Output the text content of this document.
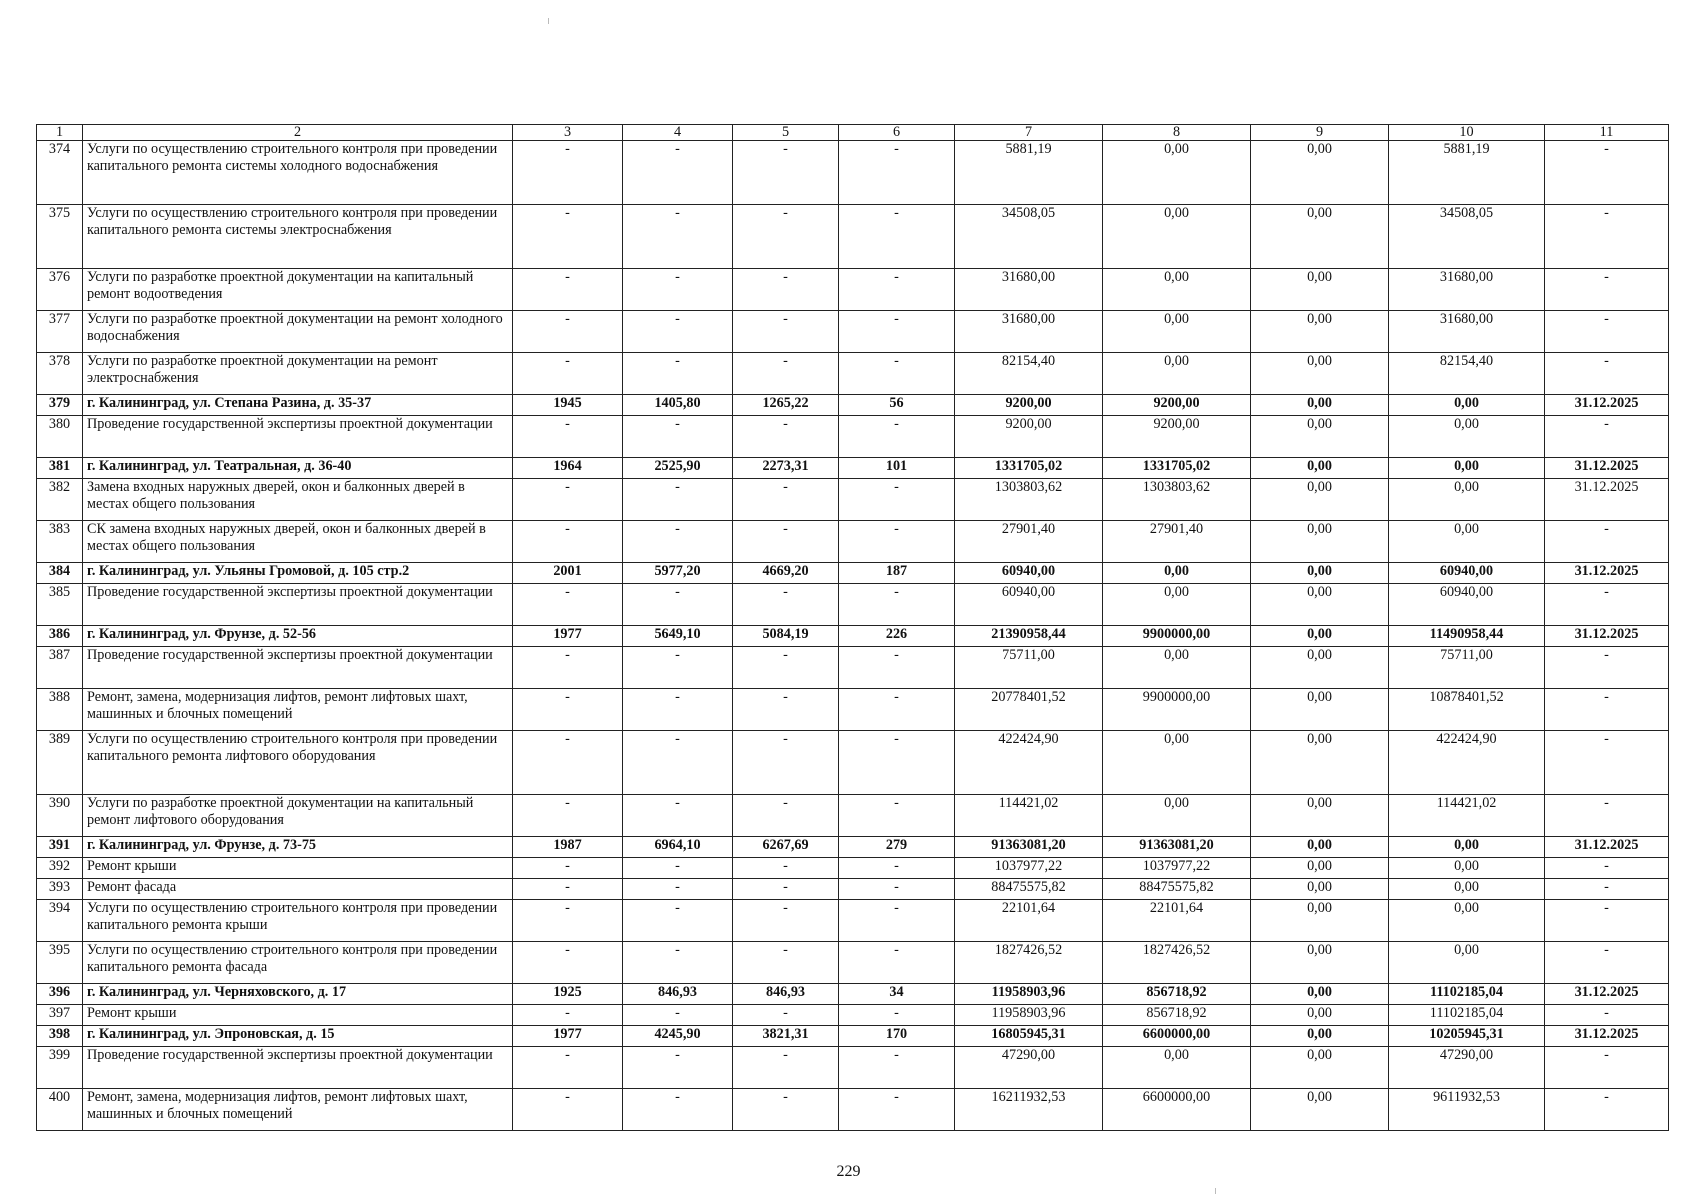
1	2	3	4	5	6	7	8	9	10	11
374	Услуги по осуществлению строительного контроля при проведении капитального ремонта системы холодного водоснабжения	-	-	-	-	5881,19	0,00	0,00	5881,19	-
375	Услуги по осуществлению строительного контроля при проведении капитального ремонта системы электроснабжения	-	-	-	-	34508,05	0,00	0,00	34508,05	-
376	Услуги по разработке проектной документации на капитальный ремонт водоотведения	-	-	-	-	31680,00	0,00	0,00	31680,00	-
377	Услуги по разработке проектной документации на ремонт холодного водоснабжения	-	-	-	-	31680,00	0,00	0,00	31680,00	-
378	Услуги по разработке проектной документации на ремонт электроснабжения	-	-	-	-	82154,40	0,00	0,00	82154,40	-
379	г. Калининград, ул. Степана Разина, д. 35-37	1945	1405,80	1265,22	56	9200,00	9200,00	0,00	0,00	31.12.2025
380	Проведение государственной экспертизы проектной документации	-	-	-	-	9200,00	9200,00	0,00	0,00	-
381	г. Калининград, ул. Театральная, д. 36-40	1964	2525,90	2273,31	101	1331705,02	1331705,02	0,00	0,00	31.12.2025
382	Замена входных наружных дверей, окон и балконных дверей в местах общего пользования	-	-	-	-	1303803,62	1303803,62	0,00	0,00	31.12.2025
383	СК замена входных наружных дверей, окон и балконных дверей в местах общего пользования	-	-	-	-	27901,40	27901,40	0,00	0,00	-
384	г. Калининград, ул. Ульяны Громовой, д. 105 стр.2	2001	5977,20	4669,20	187	60940,00	0,00	0,00	60940,00	31.12.2025
385	Проведение государственной экспертизы проектной документации	-	-	-	-	60940,00	0,00	0,00	60940,00	-
386	г. Калининград, ул. Фрунзе, д. 52-56	1977	5649,10	5084,19	226	21390958,44	9900000,00	0,00	11490958,44	31.12.2025
387	Проведение государственной экспертизы проектной документации	-	-	-	-	75711,00	0,00	0,00	75711,00	-
388	Ремонт, замена, модернизация лифтов, ремонт лифтовых шахт, машинных и блочных помещений	-	-	-	-	20778401,52	9900000,00	0,00	10878401,52	-
389	Услуги по осуществлению строительного контроля при проведении капитального ремонта лифтового оборудования	-	-	-	-	422424,90	0,00	0,00	422424,90	-
390	Услуги по разработке проектной документации на капитальный ремонт лифтового оборудования	-	-	-	-	114421,02	0,00	0,00	114421,02	-
391	г. Калининград, ул. Фрунзе, д. 73-75	1987	6964,10	6267,69	279	91363081,20	91363081,20	0,00	0,00	31.12.2025
392	Ремонт крыши	-	-	-	-	1037977,22	1037977,22	0,00	0,00	-
393	Ремонт фасада	-	-	-	-	88475575,82	88475575,82	0,00	0,00	-
394	Услуги по осуществлению строительного контроля при проведении капитального ремонта крыши	-	-	-	-	22101,64	22101,64	0,00	0,00	-
395	Услуги по осуществлению строительного контроля при проведении капитального ремонта фасада	-	-	-	-	1827426,52	1827426,52	0,00	0,00	-
396	г. Калининград, ул. Черняховского, д. 17	1925	846,93	846,93	34	11958903,96	856718,92	0,00	11102185,04	31.12.2025
397	Ремонт крыши	-	-	-	-	11958903,96	856718,92	0,00	11102185,04	-
398	г. Калининград, ул. Эпроновская, д. 15	1977	4245,90	3821,31	170	16805945,31	6600000,00	0,00	10205945,31	31.12.2025
399	Проведение государственной экспертизы проектной документации	-	-	-	-	47290,00	0,00	0,00	47290,00	-
400	Ремонт, замена, модернизация лифтов, ремонт лифтовых шахт, машинных и блочных помещений	-	-	-	-	16211932,53	6600000,00	0,00	9611932,53	-
229
